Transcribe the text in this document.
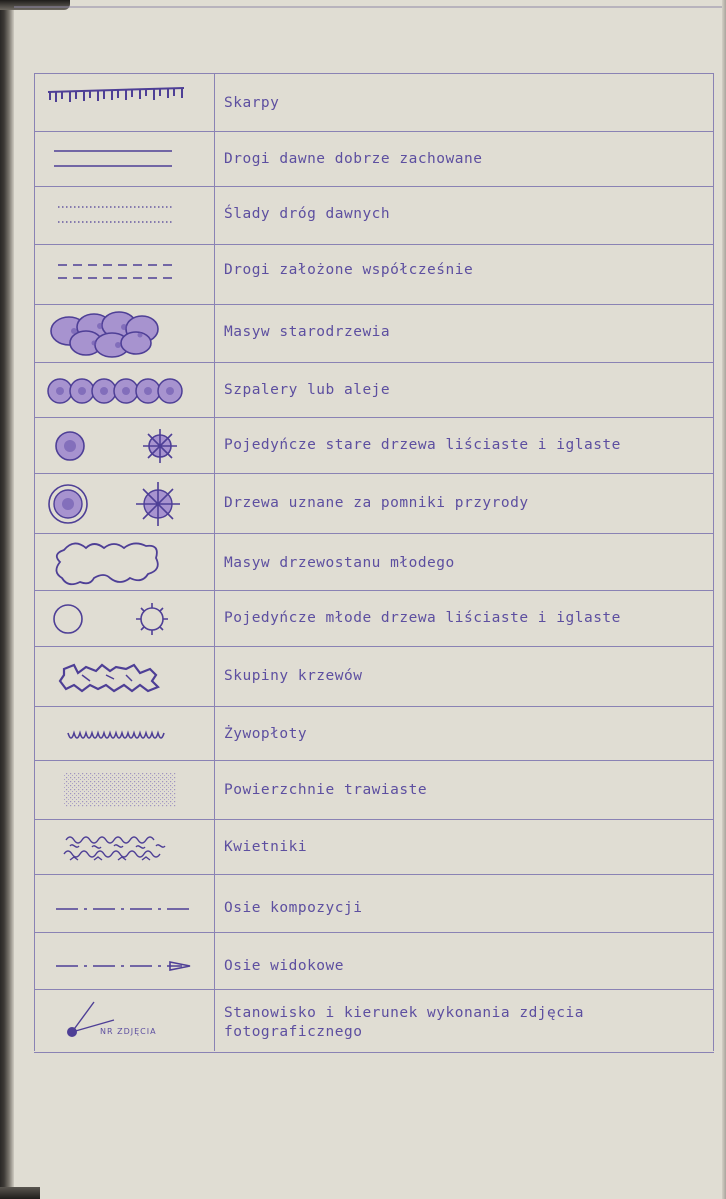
Skarpy
Drogi dawne dobrze zachowane
Ślady dróg dawnych
Drogi założone współcześnie
Masyw starodrzewia
Szpalery lub aleje
Pojedyńcze stare drzewa liściaste i iglaste
Drzewa uznane za pomniki przyrody
Masyw drzewostanu młodego
Pojedyńcze młode drzewa liściaste i iglaste
Skupiny krzewów
Żywopłoty
Powierzchnie trawiaste
Kwietniki
Osie kompozycji
Osie widokowe
NR ZDJĘCIA
Stanowisko i kierunek wykonania zdjęcia
fotograficznego
